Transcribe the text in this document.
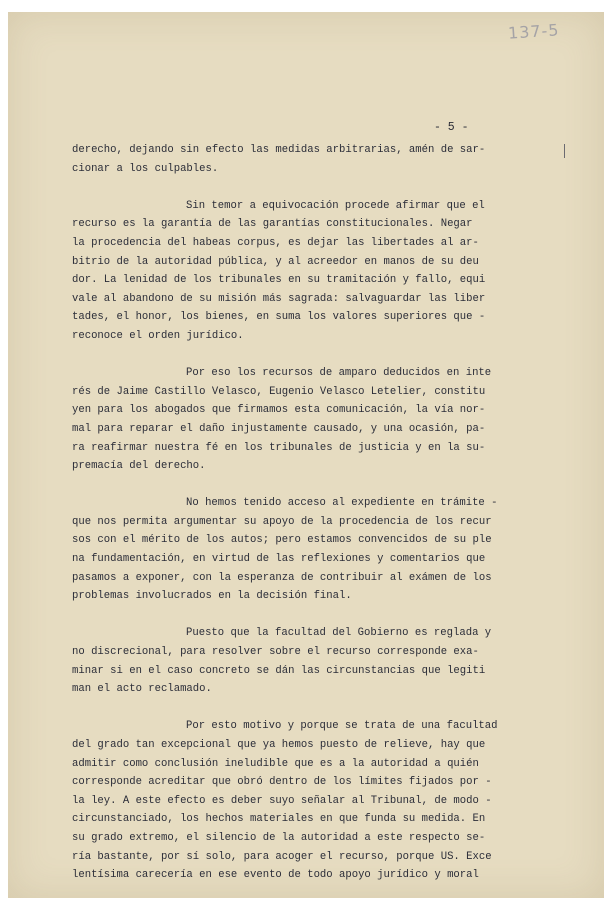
137-5
- 5 -
derecho, dejando sin efecto las medidas arbitrarias, amén de sar-
cionar a los culpables.
Sin temor a equivocación procede afirmar que el
recurso es la garantía de las garantías constitucionales. Negar
la procedencia del habeas corpus, es dejar las libertades al ar-
bitrio de la autoridad pública, y al acreedor en manos de su deu
dor. La lenidad de los tribunales en su tramitación y fallo, equi
vale al abandono de su misión más sagrada: salvaguardar las liber
tades, el honor, los bienes, en suma los valores superiores que -
reconoce el orden jurídico.
Por eso los recursos de amparo deducidos en inte
rés de Jaime Castillo Velasco, Eugenio Velasco Letelier, constitu
yen para los abogados que firmamos esta comunicación, la vía nor-
mal para reparar el daño injustamente causado, y una ocasión, pa-
ra reafirmar nuestra fé en los tribunales de justicia y en la su-
premacía del derecho.
No hemos tenido acceso al expediente en trámite -
que nos permita argumentar su apoyo de la procedencia de los recur
sos con el mérito de los autos; pero estamos convencidos de su ple
na fundamentación, en virtud de las reflexiones y comentarios que
pasamos a exponer, con la esperanza de contribuir al exámen de los
problemas involucrados en la decisión final.
Puesto que la facultad del Gobierno es reglada y
no discrecional, para resolver sobre el recurso corresponde exa-
minar si en el caso concreto se dán las circunstancias que legiti
man el acto reclamado.
Por esto motivo y porque se trata de una facultad
del grado tan excepcional que ya hemos puesto de relieve, hay que
admitir como conclusión ineludible que es a la autoridad a quién
corresponde acreditar que obró dentro de los límites fijados por -
la ley. A este efecto es deber suyo señalar al Tribunal, de modo -
circunstanciado, los hechos materiales en que funda su medida. En
su grado extremo, el silencio de la autoridad a este respecto se-
ría bastante, por sí solo, para acoger el recurso, porque US. Exce
lentísima carecería en ese evento de todo apoyo jurídico y moral
